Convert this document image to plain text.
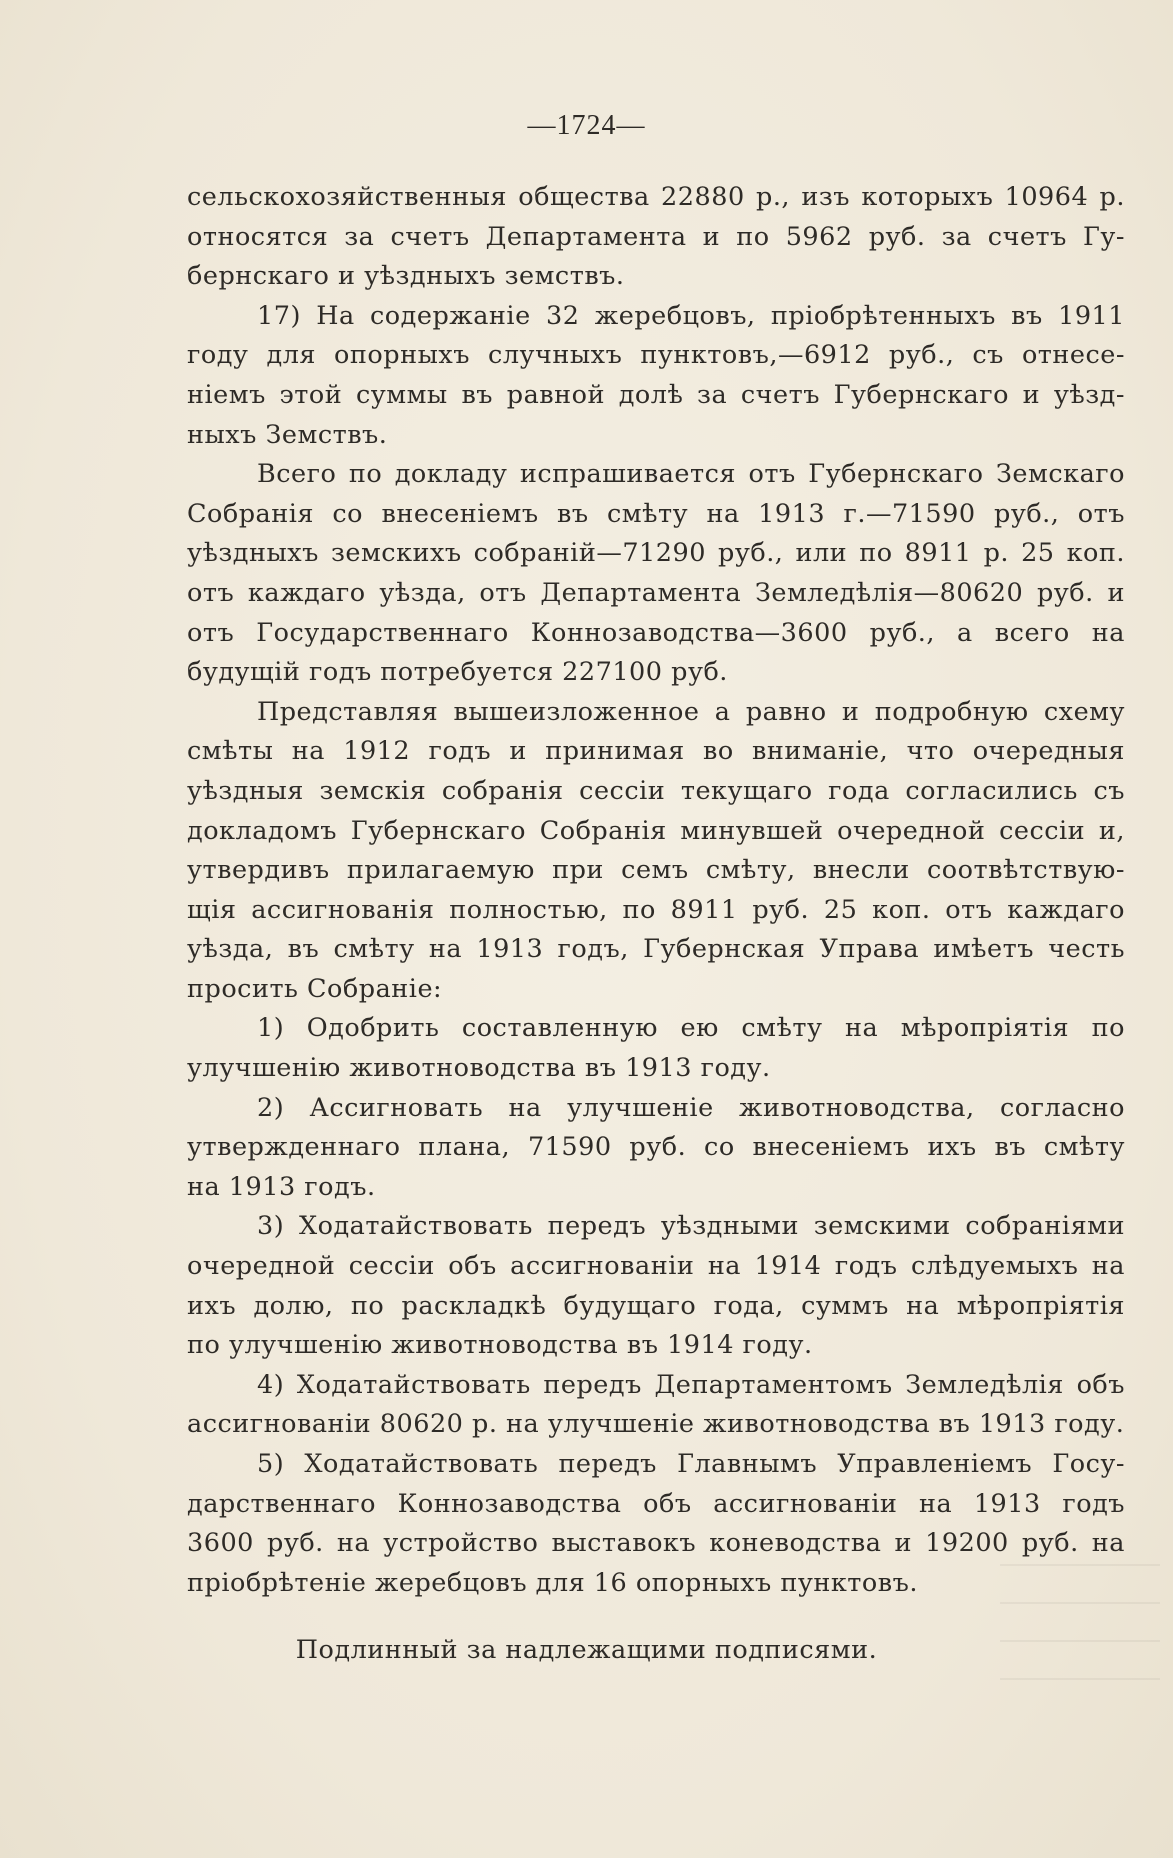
—1724—
сельскохозяйственныя общества 22880 р., изъ которыхъ 10964 р.
относятся за счетъ Департамента и по 5962 руб. за счетъ Гу-
бернскаго и уѣздныхъ земствъ.
17) На содержаніе 32 жеребцовъ, пріобрѣтенныхъ въ 1911
году для опорныхъ случныхъ пунктовъ,—6912 руб., съ отнесе-
ніемъ этой суммы въ равной долѣ за счетъ Губернскаго и уѣзд-
ныхъ Земствъ.
Всего по докладу испрашивается отъ Губернскаго Земскаго
Собранія со внесеніемъ въ смѣту на 1913 г.—71590 руб., отъ
уѣздныхъ земскихъ собраній—71290 руб., или по 8911 р. 25 коп.
отъ каждаго уѣзда, отъ Департамента Земледѣлія—80620 руб. и
отъ Государственнаго Коннозаводства—3600 руб., а всего на
будущій годъ потребуется 227100 руб.
Представляя вышеизложенное а равно и подробную схему
смѣты на 1912 годъ и принимая во вниманіе, что очередныя
уѣздныя земскія собранія сессіи текущаго года согласились съ
докладомъ Губернскаго Собранія минувшей очередной сессіи и,
утвердивъ прилагаемую при семъ смѣту, внесли соотвѣтствую-
щія ассигнованія полностью, по 8911 руб. 25 коп. отъ каждаго
уѣзда, въ смѣту на 1913 годъ, Губернская Управа имѣетъ честь
просить Собраніе:
1) Одобрить составленную ею смѣту на мѣропріятія по
улучшенію животноводства въ 1913 году.
2) Ассигновать на улучшеніе животноводства, согласно
утвержденнаго плана, 71590 руб. со внесеніемъ ихъ въ смѣту
на 1913 годъ.
3) Ходатайствовать передъ уѣздными земскими собраніями
очередной сессіи объ ассигнованіи на 1914 годъ слѣдуемыхъ на
ихъ долю, по раскладкѣ будущаго года, суммъ на мѣропріятія
по улучшенію животноводства въ 1914 году.
4) Ходатайствовать передъ Департаментомъ Земледѣлія объ
ассигнованіи 80620 р. на улучшеніе животноводства въ 1913 году.
5) Ходатайствовать передъ Главнымъ Управленіемъ Госу-
дарственнаго Коннозаводства объ ассигнованіи на 1913 годъ
3600 руб. на устройство выставокъ коневодства и 19200 руб. на
пріобрѣтеніе жеребцовъ для 16 опорныхъ пунктовъ.
Подлинный за надлежащими подписями.
